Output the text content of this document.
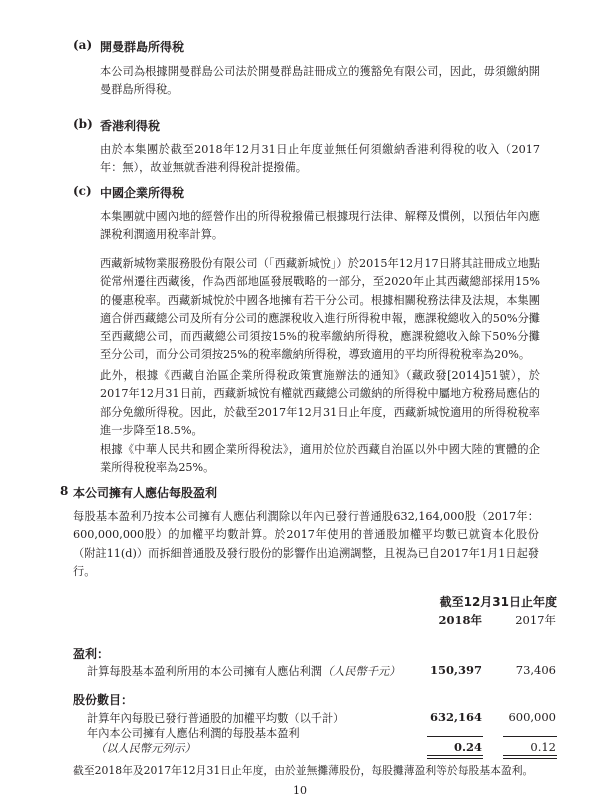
(a) 開曼群島所得稅
本公司為根據開曼群島公司法於開曼群島註冊成立的獲豁免有限公司，因此，毋須繳納開曼群島所得稅。
(b) 香港利得稅
由於本集團於截至2018年12月31日止年度並無任何須繳納香港利得稅的收入（2017年：無），故並無就香港利得稅計提撥備。
(c) 中國企業所得稅
本集團就中國內地的經營作出的所得稅撥備已根據現行法律、解釋及慣例，以預估年內應課稅利潤適用稅率計算。
西藏新城物業服務股份有限公司（「西藏新城悅」）於2015年12月17日將其註冊成立地點從常州遷往西藏後，作為西部地區發展戰略的一部分，至2020年止其西藏總部採用15%的優惠稅率。西藏新城悅於中國各地擁有若干分公司。根據相關稅務法律及法規，本集團適合併西藏總公司及所有分公司的應課稅收入進行所得稅申報，應課稅總收入的50%分攤至西藏總公司，而西藏總公司須按15%的稅率繳納所得稅，應課稅總收入餘下50%分攤至分公司，而分公司須按25%的稅率繳納所得稅，導致適用的平均所得稅稅率為20%。
此外，根據《西藏自治區企業所得稅政策實施辦法的通知》（藏政發[2014]51號），於2017年12月31日前，西藏新城悅有權就西藏總公司繳納的所得稅中屬地方稅務局應佔的部分免繳所得稅。因此，於截至2017年12月31日止年度，西藏新城悅適用的所得稅稅率進一步降至18.5%。
根據《中華人民共和國企業所得稅法》，適用於位於西藏自治區以外中國大陸的實體的企業所得稅稅率為25%。
8 本公司擁有人應佔每股盈利
每股基本盈利乃按本公司擁有人應佔利潤除以年內已發行普通股632,164,000股（2017年：600,000,000股）的加權平均數計算。於2017年使用的普通股加權平均數已就資本化股份（附註11(d)）而拆細普通股及發行股份的影響作出追溯調整，且視為已自2017年1月1日起發行。
截至12月31日止年度
2018年	2017年
盈利：
計算每股基本盈利所用的本公司擁有人應佔利潤（人民幣千元）	150,397	73,406
股份數目：
計算年內每股已發行普通股的加權平均數（以千計）	632,164	600,000
年內本公司擁有人應佔利潤的每股基本盈利
（以人民幣元列示）	0.24	0.12
截至2018年及2017年12月31日止年度，由於並無攤薄股份，每股攤薄盈利等於每股基本盈利。
10
